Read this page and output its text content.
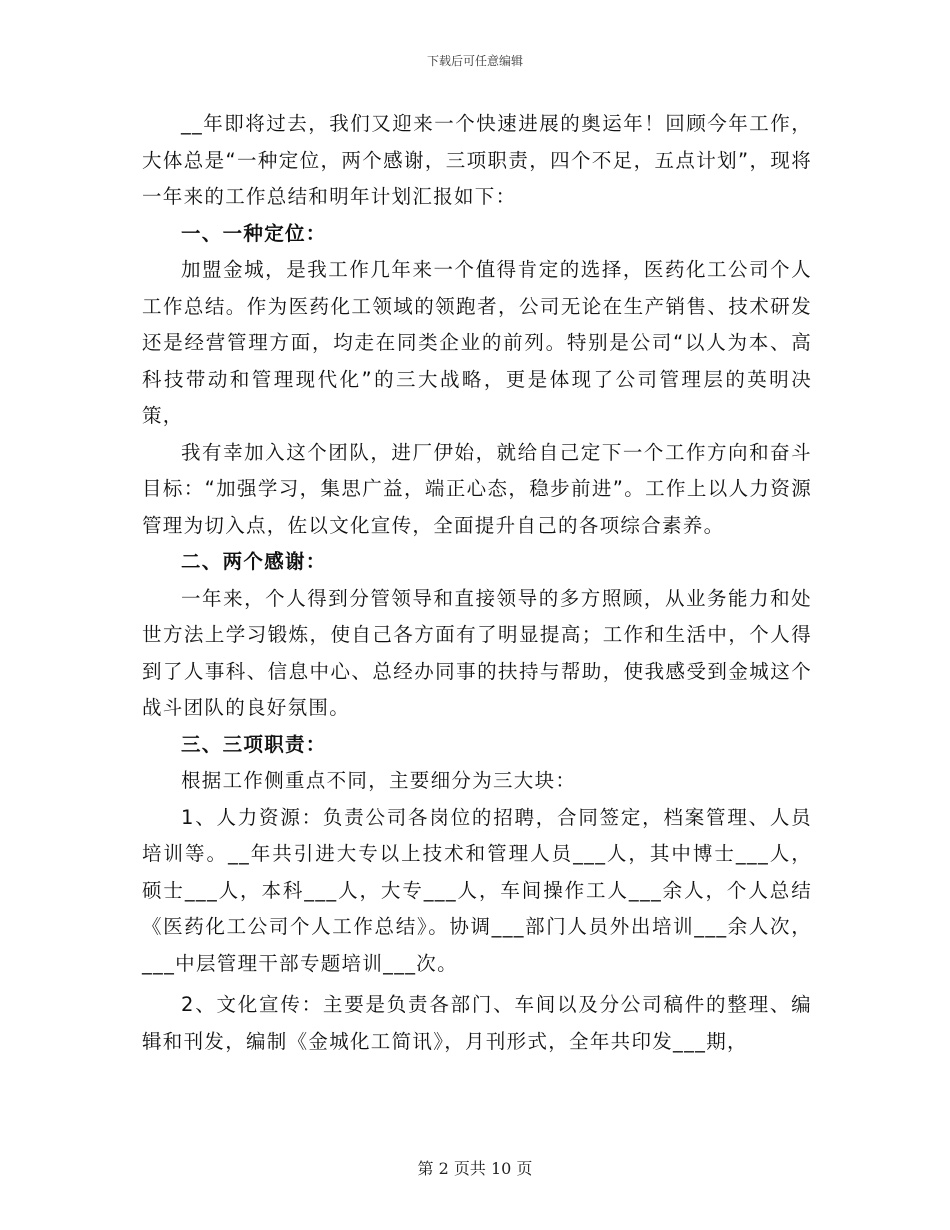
下载后可任意编辑

__年即将过去，我们又迎来一个快速进展的奥运年！回顾今年工作，大体总是“一种定位，两个感谢，三项职责，四个不足，五点计划”，现将一年来的工作总结和明年计划汇报如下：

一、一种定位：

加盟金城，是我工作几年来一个值得肯定的选择，医药化工公司个人工作总结。作为医药化工领域的领跑者，公司无论在生产销售、技术研发还是经营管理方面，均走在同类企业的前列。特别是公司“以人为本、高科技带动和管理现代化”的三大战略，更是体现了公司管理层的英明决策，

我有幸加入这个团队，进厂伊始，就给自己定下一个工作方向和奋斗目标：“加强学习，集思广益，端正心态，稳步前进”。工作上以人力资源管理为切入点，佐以文化宣传，全面提升自己的各项综合素养。

二、两个感谢：

一年来，个人得到分管领导和直接领导的多方照顾，从业务能力和处世方法上学习锻炼，使自己各方面有了明显提高；工作和生活中，个人得到了人事科、信息中心、总经办同事的扶持与帮助，使我感受到金城这个战斗团队的良好氛围。

三、三项职责：

根据工作侧重点不同，主要细分为三大块：

1、人力资源：负责公司各岗位的招聘，合同签定，档案管理、人员培训等。__年共引进大专以上技术和管理人员___人，其中博士___人，硕士___人，本科___人，大专___人，车间操作工人___余人，个人总结《医药化工公司个人工作总结》。协调___部门人员外出培训___余人次，___中层管理干部专题培训___次。

2、文化宣传：主要是负责各部门、车间以及分公司稿件的整理、编辑和刊发，编制《金城化工简讯》，月刊形式，全年共印发___期，

第 2 页共 10 页
